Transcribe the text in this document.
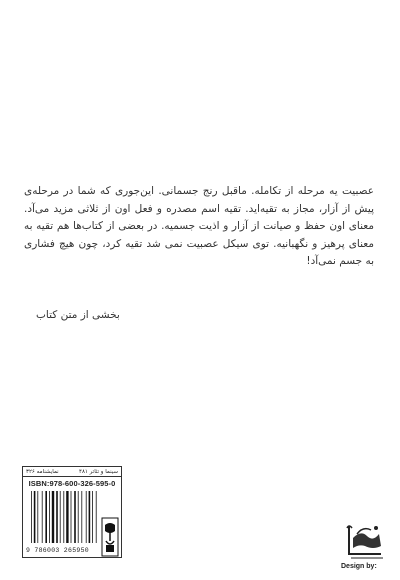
عصبیت یه مرحله از تکامله. ماقبل رنج جسمانی. این‌جوری که شما در مرحله‌ی پیش از آزار، مجاز به تقیه‌اید. تقیه اسم مصدره و فعل اون از ثلاثی مزید می‌آد. معنای اون حفظ و صیانت از آزار و اذیت جسمیه. در بعضی از کتاب‌ها هم تقیه به معنای پرهیز و نگهبانیه. توی سیکل عصبیت نمی شد تقیه کرد، چون هیچ فشاری به جسم نمی‌آد!
بخشی از متن کتاب
سینما و تئاتر ۴۸۱
نمایشنامه ۳۲۶
ISBN:978-600-326-595-0
9 786003 265950
Design by:
